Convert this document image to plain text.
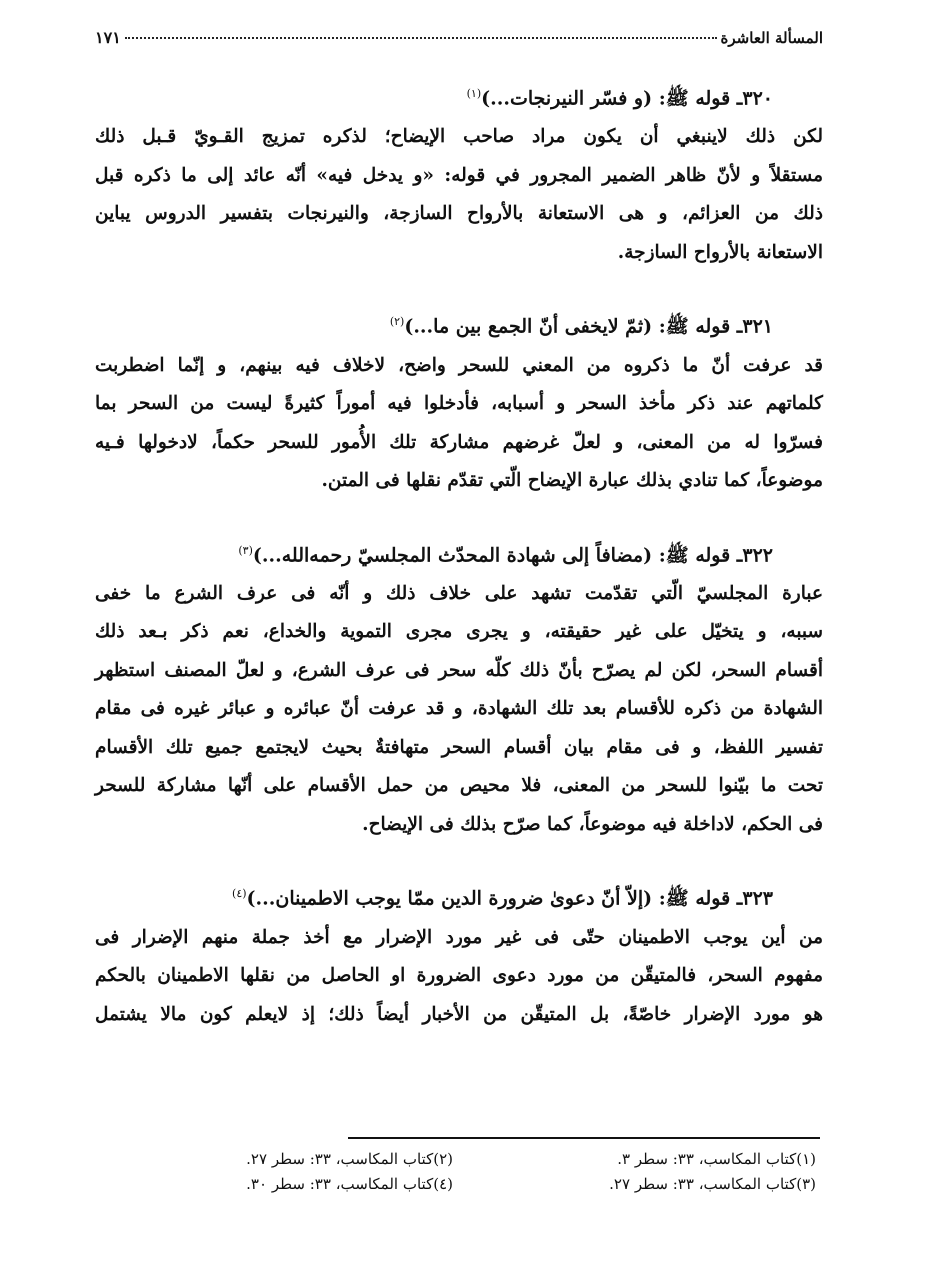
المسألة العاشرة
١٧١
٣٢٠ـ قوله ﷺ: (و فسّر النيرنجات...)$^{(١)}$
لكن ذلك لاينبغي أن يكون مراد صاحب الإيضاح؛ لذكره تمزيج القـويّ قـبل ذلك
مستقلاً و لأنّ ظاهر الضمير المجرور في قوله: «و يدخل فيه» أنّه عائد إلى ما ذكره قبل
ذلك من العزائم، و هى الاستعانة بالأرواح السازجة، والنيرنجات بتفسير الدروس يباين
الاستعانة بالأرواح السازجة.
٣٢١ـ قوله ﷺ: (ثمّ لايخفى أنّ الجمع بين ما...)$^{(٢)}$
قد عرفت أنّ ما ذكروه من المعني للسحر واضح، لاخلاف فيه بينهم، و إنّما اضطربت
كلماتهم عند ذكر مأخذ السحر و أسبابه، فأدخلوا فيه أموراً كثيرةً ليست من السحر بما
فسرّوا له من المعنى، و لعلّ غرضهم مشاركة تلك الأُمور للسحر حكماً، لادخولها فـيه
موضوعاً، كما تنادي بذلك عبارة الإيضاح الّتي تقدّم نقلها فى المتن.
٣٢٢ـ قوله ﷺ: (مضافاً إلى شهادة المحدّث المجلسيّ رحمه‌الله...)$^{(٣)}$
عبارة المجلسيّ الّتي تقدّمت تشهد على خلاف ذلك و أنّه فى عرف الشرع ما خفى
سببه، و يتخيّل على غير حقيقته، و يجرى مجرى التموية والخداع، نعم ذكر بـعد ذلك
أقسام السحر، لكن لم يصرّح بأنّ ذلك كلّه سحر فى عرف الشرع، و لعلّ المصنف استظهر
الشهادة من ذكره للأقسام بعد تلك الشهادة، و قد عرفت أنّ عبائره و عبائر غيره فى مقام
تفسير اللفظ، و فى مقام بيان أقسام السحر متهافتةٌ بحيث لايجتمع جميع تلك الأقسام
تحت ما بيّنوا للسحر من المعنى، فلا محيص من حمل الأقسام على أنّها مشاركة للسحر
فى الحكم، لاداخلة فيه موضوعاً، كما صرّح بذلك فى الإيضاح.
٣٢٣ـ قوله ﷺ: (إلاّ أنّ دعوىٰ ضرورة الدين ممّا يوجب الاطمينان...)$^{(٤)}$
من أين يوجب الاطمينان حتّى فى غير مورد الإضرار مع أخذ جملة منهم الإضرار فى
مفهوم السحر، فالمتيقّن من مورد دعوى الضرورة او الحاصل من نقلها الاطمينان بالحكم
هو مورد الإضرار خاصّةً، بل المتيقّن من الأخبار أيضاً ذلك؛ إذ لايعلم كون مالا يشتمل
(١)كتاب المكاسب، ٣٣: سطر ٣.
(٢)كتاب المكاسب، ٣٣: سطر ٢٧.
(٣)كتاب المكاسب، ٣٣: سطر ٢٧.
(٤)كتاب المكاسب، ٣٣: سطر ٣٠.
